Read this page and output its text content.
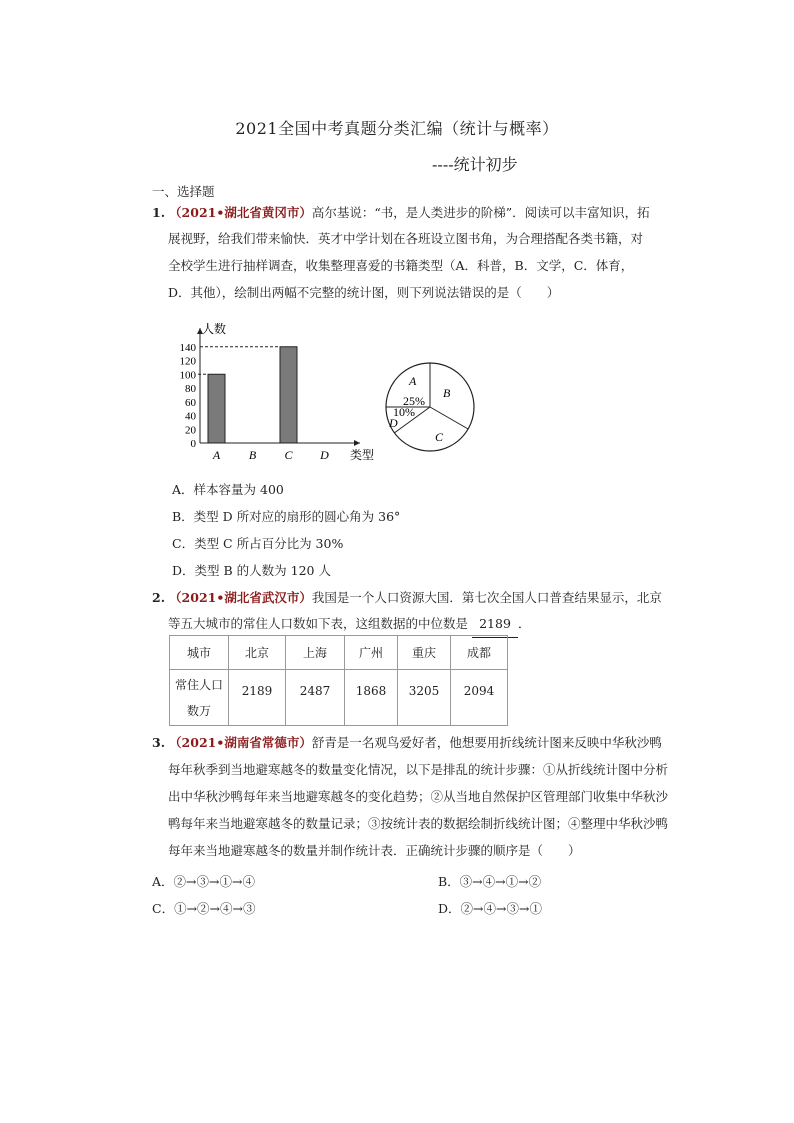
2021全国中考真题分类汇编（统计与概率）
----统计初步
一、选择题
1. （2021•湖北省黄冈市）高尔基说：“书，是人类进步的阶梯”．阅读可以丰富知识，拓
展视野，给我们带来愉快．英才中学计划在各班设立图书角，为合理搭配各类书籍，对
全校学生进行抽样调查，收集整理喜爱的书籍类型（A．科普，B．文学，C．体育，
D．其他），绘制出两幅不完整的统计图，则下列说法错误的是（　　）
人数
类型
0
20
40
60
80
100
120
140
A B C D
A
B
C
D
25%
10%
A．样本容量为 400
B．类型 D 所对应的扇形的圆心角为 36°
C．类型 C 所占百分比为 30%
D．类型 B 的人数为 120 人
2. （2021•湖北省武汉市）我国是一个人口资源大国．第七次全国人口普查结果显示，北京
等五大城市的常住人口数如下表，这组数据的中位数是 2189 ．
城市	北京	上海	广州	重庆	成都

常住人口
数万	2189	2487	1868	3205	2094
3. （2021•湖南省常德市）舒青是一名观鸟爱好者，他想要用折线统计图来反映中华秋沙鸭
每年秋季到当地避寒越冬的数量变化情况，以下是排乱的统计步骤：①从折线统计图中分析
出中华秋沙鸭每年来当地避寒越冬的变化趋势；②从当地自然保护区管理部门收集中华秋沙
鸭每年来当地避寒越冬的数量记录；③按统计表的数据绘制折线统计图；④整理中华秋沙鸭
每年来当地避寒越冬的数量并制作统计表．正确统计步骤的顺序是（　　）
A．②→③→①→④	B．③→④→①→②
C．①→②→④→③	D．②→④→③→①
